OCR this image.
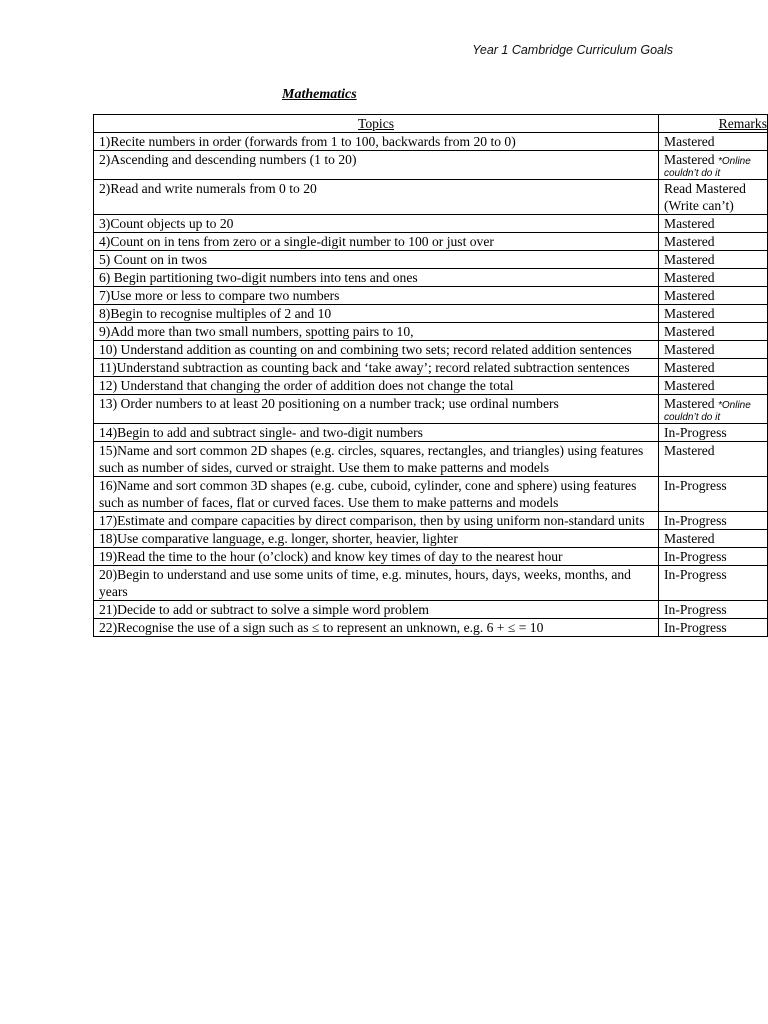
Year 1 Cambridge Curriculum Goals
Mathematics
Topics	Remarks
1)Recite numbers in order (forwards from 1 to 100, backwards from 20 to 0)	Mastered
2)Ascending and descending numbers (1 to 20)	Mastered *Online
couldn’t do it

2)Read and write numerals from 0 to 20	Read Mastered
(Write can’t)

3)Count objects up to 20	Mastered
4)Count on in tens from zero or a single-digit number to 100 or just over	Mastered
5) Count on in twos	Mastered
6) Begin partitioning two-digit numbers into tens and ones	Mastered
7)Use more or less to compare two numbers	Mastered
8)Begin to recognise multiples of 2 and 10	Mastered
9)Add more than two small numbers, spotting pairs to 10,	Mastered
10) Understand addition as counting on and combining two sets; record related addition sentences	Mastered
11)Understand subtraction as counting back and ‘take away’; record related subtraction sentences	Mastered
12) Understand that changing the order of addition does not change the total	Mastered
13) Order numbers to at least 20 positioning on a number track; use ordinal numbers	Mastered *Online
couldn’t do it

14)Begin to add and subtract single- and two-digit numbers	In-Progress
15)Name and sort common 2D shapes (e.g. circles, squares, rectangles, and triangles) using features such as number of sides, curved or straight. Use them to make patterns and models	Mastered
16)Name and sort common 3D shapes (e.g. cube, cuboid, cylinder, cone and sphere) using features such as number of faces, flat or curved faces. Use them to make patterns and models	In-Progress
17)Estimate and compare capacities by direct comparison, then by using uniform non-standard units	In-Progress
18)Use comparative language, e.g. longer, shorter, heavier, lighter	Mastered
19)Read the time to the hour (o’clock) and know key times of day to the nearest hour	In-Progress
20)Begin to understand and use some units of time, e.g. minutes, hours, days, weeks, months, and years	In-Progress
21)Decide to add or subtract to solve a simple word problem	In-Progress
22)Recognise the use of a sign such as ≤ to represent an unknown, e.g. 6 + ≤ = 10	In-Progress
